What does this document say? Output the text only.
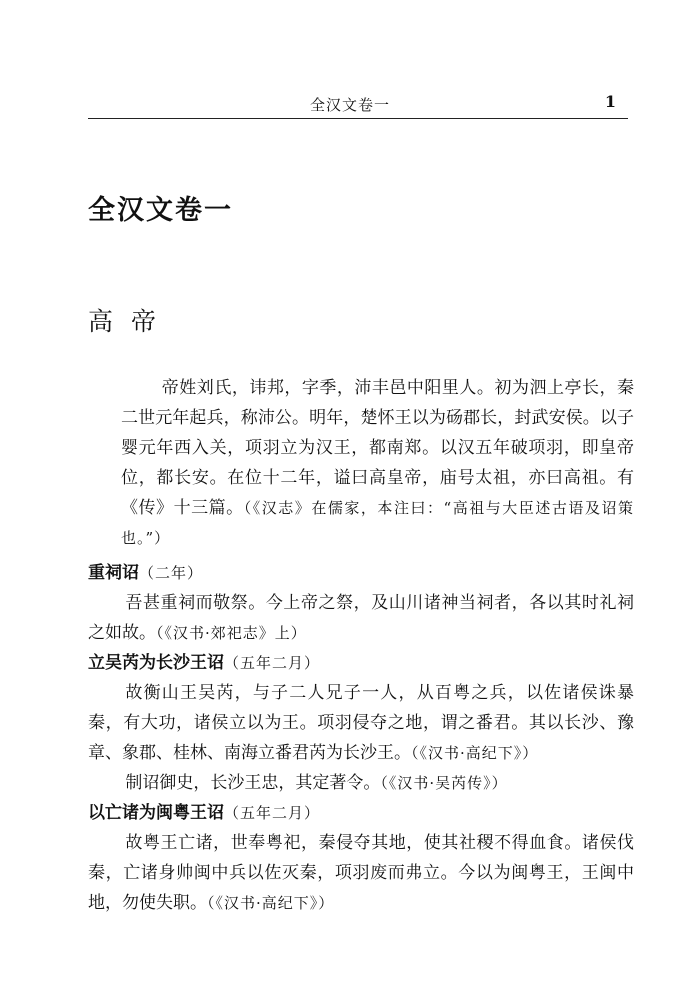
全汉文卷一	1
全汉文卷一
高帝

帝姓刘氏，讳邦，字季，沛丰邑中阳里人。初为泗上亭长，秦二世元年起兵，称沛公。明年，楚怀王以为砀郡长，封武安侯。以子婴元年西入关，项羽立为汉王，都南郑。以汉五年破项羽，即皇帝位，都长安。在位十二年，谥曰高皇帝，庙号太祖，亦曰高祖。有《传》十三篇。（《汉志》在儒家，本注曰：“高祖与大臣述古语及诏策也。”）

重祠诏（二年）

吾甚重祠而敬祭。今上帝之祭，及山川诸神当祠者，各以其时礼祠之如故。（《汉书·郊祀志》上）

立吴芮为长沙王诏（五年二月）

故衡山王吴芮，与子二人兄子一人，从百粤之兵，以佐诸侯诛暴秦，有大功，诸侯立以为王。项羽侵夺之地，谓之番君。其以长沙、豫章、象郡、桂林、南海立番君芮为长沙王。（《汉书·高纪下》）

制诏御史，长沙王忠，其定著令。（《汉书·吴芮传》）

以亡诸为闽粤王诏（五年二月）

故粤王亡诸，世奉粤祀，秦侵夺其地，使其社稷不得血食。诸侯伐秦，亡诸身帅闽中兵以佐灭秦，项羽废而弗立。今以为闽粤王，王闽中地，勿使失职。（《汉书·高纪下》）
